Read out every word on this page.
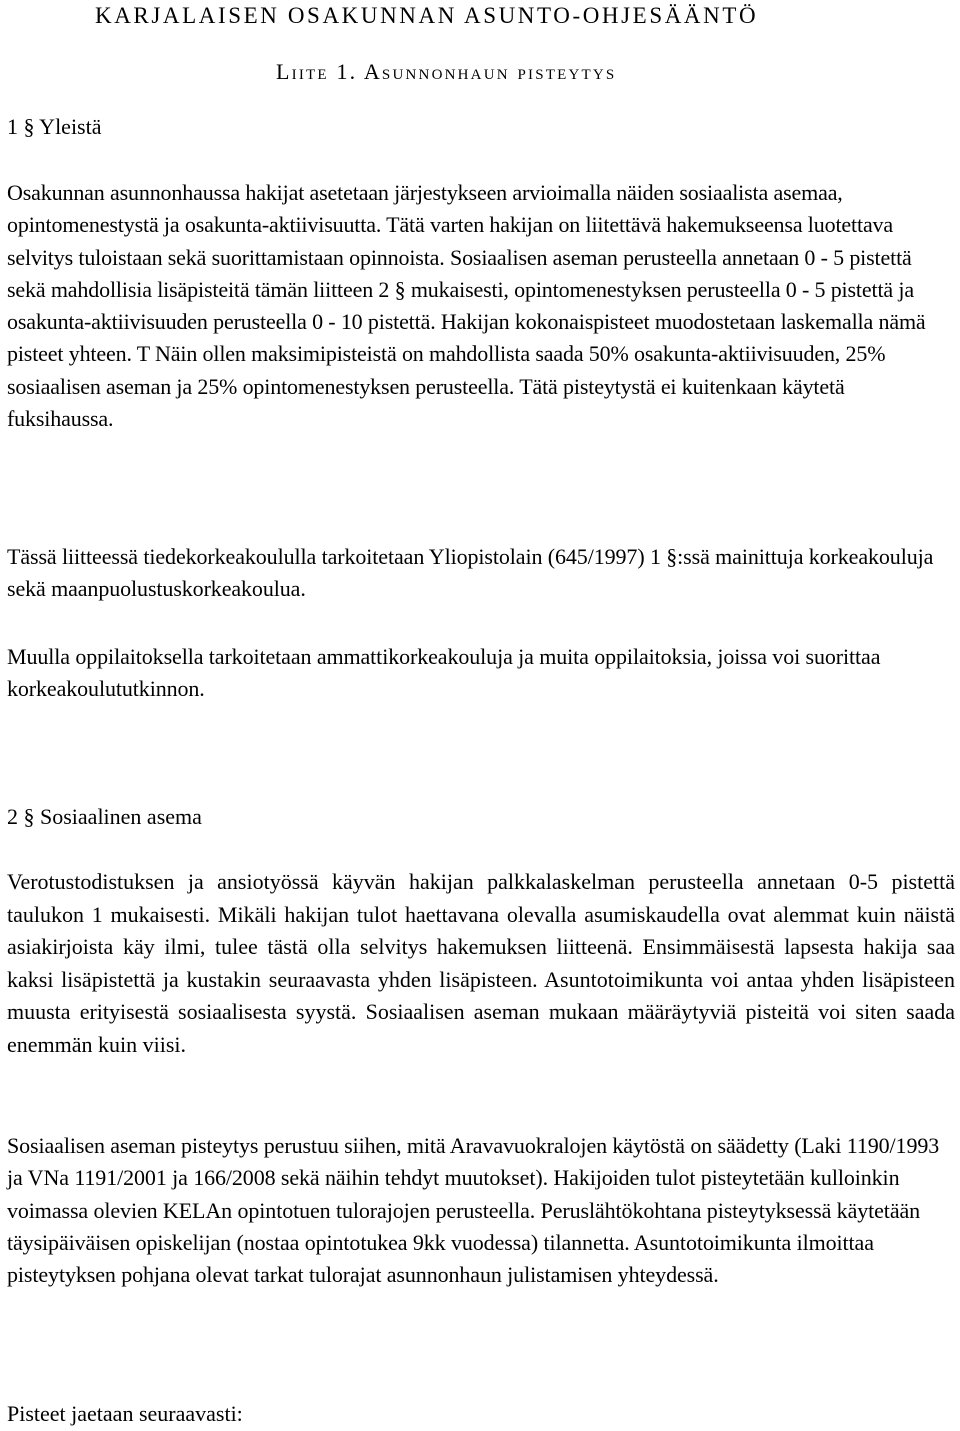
KARJALAISEN OSAKUNNAN ASUNTO-OHJESÄÄNTÖ
Liite 1. Asunnonhaun pisteytys
1 § Yleistä

Osakunnan asunnonhaussa hakijat asetetaan järjestykseen arvioimalla näiden sosiaalista asemaa, opintomenestystä ja osakunta-aktiivisuutta. Tätä varten hakijan on liitettävä hakemukseensa luotettava selvitys tuloistaan sekä suorittamistaan opinnoista. Sosiaalisen aseman perusteella annetaan 0 - 5 pistettä sekä mahdollisia lisäpisteitä tämän liitteen 2 § mukaisesti, opintomenestyksen perusteella 0 - 5 pistettä ja osakunta-aktiivisuuden perusteella 0 - 10 pistettä. Hakijan kokonaispisteet muodostetaan laskemalla nämä pisteet yhteen. T Näin ollen maksimipisteistä on mahdollista saada 50% osakunta-aktiivisuuden, 25% sosiaalisen aseman ja 25% opintomenestyksen perusteella. Tätä pisteytystä ei kuitenkaan käytetä fuksihaussa.

Tässä liitteessä tiedekorkeakoululla tarkoitetaan Yliopistolain (645/1997) 1 §:ssä mainittuja korkeakouluja sekä maanpuolustuskorkeakoulua.

Muulla oppilaitoksella tarkoitetaan ammattikorkeakouluja ja muita oppilaitoksia, joissa voi suorittaa korkeakoulututkinnon.

2 § Sosiaalinen asema

Verotustodistuksen ja ansiotyössä käyvän hakijan palkkalaskelman perusteella annetaan 0-5 pistettä taulukon 1 mukaisesti. Mikäli hakijan tulot haettavana olevalla asumiskaudella ovat alemmat kuin näistä asiakirjoista käy ilmi, tulee tästä olla selvitys hakemuksen liitteenä. Ensimmäisestä lapsesta hakija saa kaksi lisäpistettä ja kustakin seuraavasta yhden lisäpisteen. Asuntotoimikunta voi antaa yhden lisäpisteen muusta erityisestä sosiaalisesta syystä. Sosiaalisen aseman mukaan määräytyviä pisteitä voi siten saada enemmän kuin viisi.

Sosiaalisen aseman pisteytys perustuu siihen, mitä Aravavuokralojen käytöstä on säädetty (Laki 1190/1993 ja VNa 1191/2001 ja 166/2008 sekä näihin tehdyt muutokset). Hakijoiden tulot pisteytetään kulloinkin voimassa olevien KELAn opintotuen tulorajojen perusteella. Peruslähtökohtana pisteytyksessä käytetään täysipäiväisen opiskelijan (nostaa opintotukea 9kk vuodessa) tilannetta. Asuntotoimikunta ilmoittaa pisteytyksen pohjana olevat tarkat tulorajat asunnonhaun julistamisen yhteydessä.

Pisteet jaetaan seuraavasti:
